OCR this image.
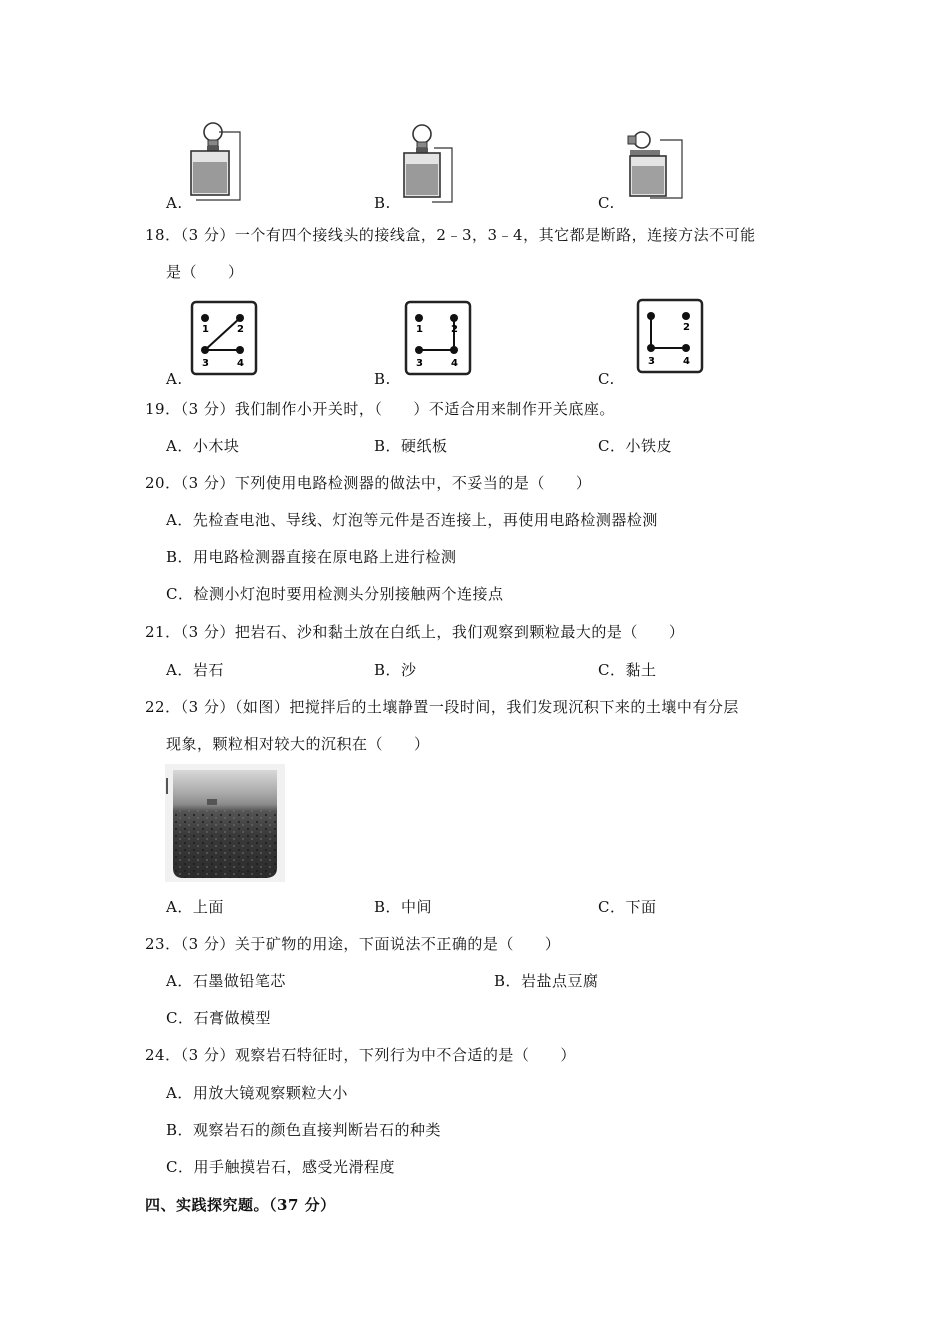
A.	B.	C.
18．（3 分）一个有四个接线头的接线盒，2﹣3，3﹣4，其它都是断路，连接方法不可能
是（　　）
1	2
3	4
A.
1	2
3	4
B.
2
3	4
C.
19．（3 分）我们制作小开关时，（　　）不适合用来制作开关底座。
A．小木块	B．硬纸板	C．小铁皮
20．（3 分）下列使用电路检测器的做法中，不妥当的是（　　）
A．先检查电池、导线、灯泡等元件是否连接上，再使用电路检测器检测
B．用电路检测器直接在原电路上进行检测
C．检测小灯泡时要用检测头分别接触两个连接点
21．（3 分）把岩石、沙和黏土放在白纸上，我们观察到颗粒最大的是（　　）
A．岩石	B．沙	C．黏土
22．（3 分）（如图）把搅拌后的土壤静置一段时间，我们发现沉积下来的土壤中有分层
现象，颗粒相对较大的沉积在（　　）
A．上面	B．中间	C．下面
23．（3 分）关于矿物的用途，下面说法不正确的是（　　）
A．石墨做铅笔芯	B．岩盐点豆腐
C．石膏做模型
24．（3 分）观察岩石特征时，下列行为中不合适的是（　　）
A．用放大镜观察颗粒大小
B．观察岩石的颜色直接判断岩石的种类
C．用手触摸岩石，感受光滑程度
四、实践探究题。（37 分）
